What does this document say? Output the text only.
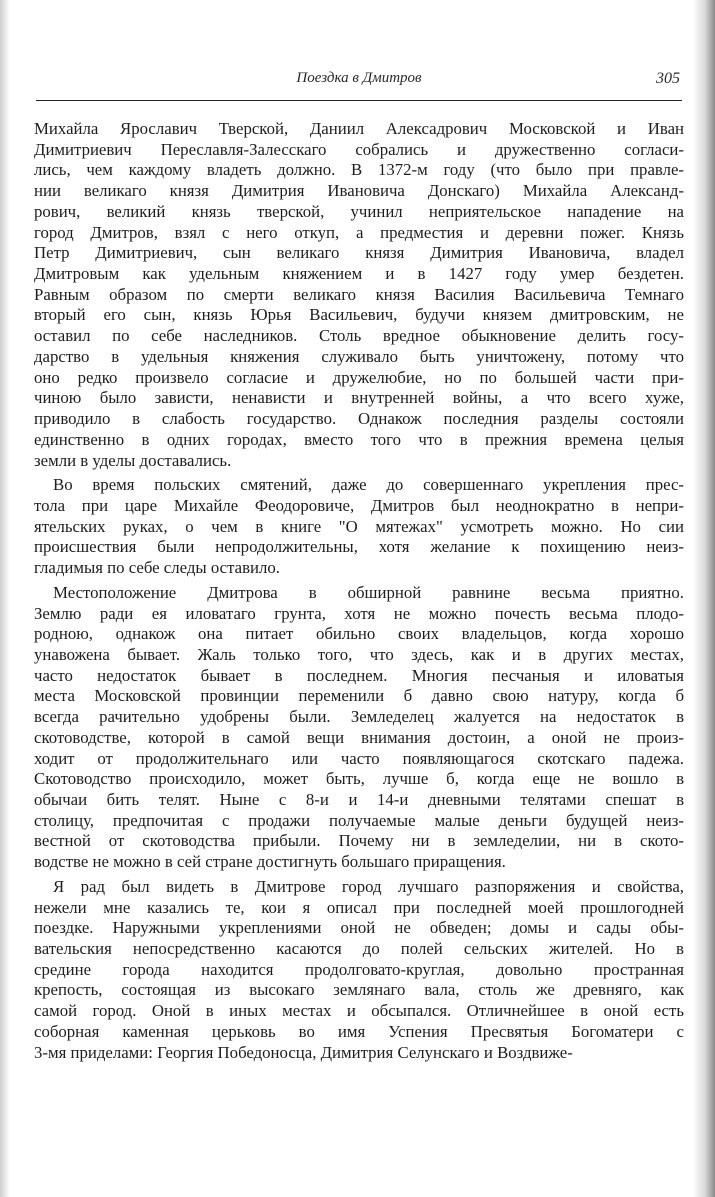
Поездка в Дмитров	305
Михайла Ярославич Тверской, Даниил Алексадрович Московской и Иван
Димитриевич Переславля-Залесскаго собрались и дружественно согласи-
лись, чем каждому владеть должно. В 1372-м году (что было при правле-
нии великаго князя Димитрия Ивановича Донскаго) Михайла Александ-
рович, великий князь тверской, учинил неприятельское нападение на
город Дмитров, взял с него откуп, а предместия и деревни пожег. Князь
Петр Димитриевич, сын великаго князя Димитрия Ивановича, владел
Дмитровым как удельным княжением и в 1427 году умер бездетен.
Равным образом по смерти великаго князя Василия Васильевича Темнаго
вторый его сын, князь Юрья Васильевич, будучи князем дмитровским, не
оставил по себе наследников. Столь вредное обыкновение делить госу-
дарство в удельныя княжения служивало быть уничтожену, потому что
оно редко произвело согласие и дружелюбие, но по большей части при-
чиною было зависти, ненависти и внутренней войны, а что всего хуже,
приводило в слабость государство. Однакож последния разделы состояли
единственно в одних городах, вместо того что в прежния времена целыя
земли в уделы доставались.
Во время польских смятений, даже до совершеннаго укрепления прес-
тола при царе Михайле Феодоровиче, Дмитров был неоднократно в непри-
ятельских руках, о чем в книге "О мятежах" усмотреть можно. Но сии
происшествия были непродолжительны, хотя желание к похищению неиз-
гладимыя по себе следы оставило.
Местоположение Дмитрова в обширной равнине весьма приятно.
Землю ради ея иловатаго грунта, хотя не можно почесть весьма плодо-
родною, однакож она питает обильно своих владельцов, когда хорошо
унавожена бывает. Жаль только того, что здесь, как и в других местах,
часто недостаток бывает в последнем. Многия песчаныя и иловатыя
места Московской провинции переменили б давно свою натуру, когда б
всегда рачительно удобрены были. Земледелец жалуется на недостаток в
скотоводстве, которой в самой вещи внимания достоин, а оной не произ-
ходит от продолжительнаго или часто появляющагося скотскаго падежа.
Скотоводство происходило, может быть, лучше б, когда еще не вошло в
обычаи бить телят. Ныне с 8-и и 14-и дневными телятами спешат в
столицу, предпочитая с продажи получаемые малые деньги будущей неиз-
вестной от скотоводства прибыли. Почему ни в земледелии, ни в ското-
водстве не можно в сей стране достигнуть большаго приращения.
Я рад был видеть в Дмитрове город лучшаго разпоряжения и свойства,
нежели мне казались те, кои я описал при последней моей прошлогодней
поездке. Наружными укреплениями оной не обведен; домы и сады обы-
вательския непосредственно касаются до полей сельских жителей. Но в
средине города находится продолговато-круглая, довольно пространная
крепость, состоящая из высокаго землянаго вала, столь же древняго, как
самой город. Оной в иных местах и обсыпался. Отличнейшее в оной есть
соборная каменная церьковь во имя Успения Пресвятыя Богоматери с
3-мя приделами: Георгия Победоносца, Димитрия Селунскаго и Воздвиже-
